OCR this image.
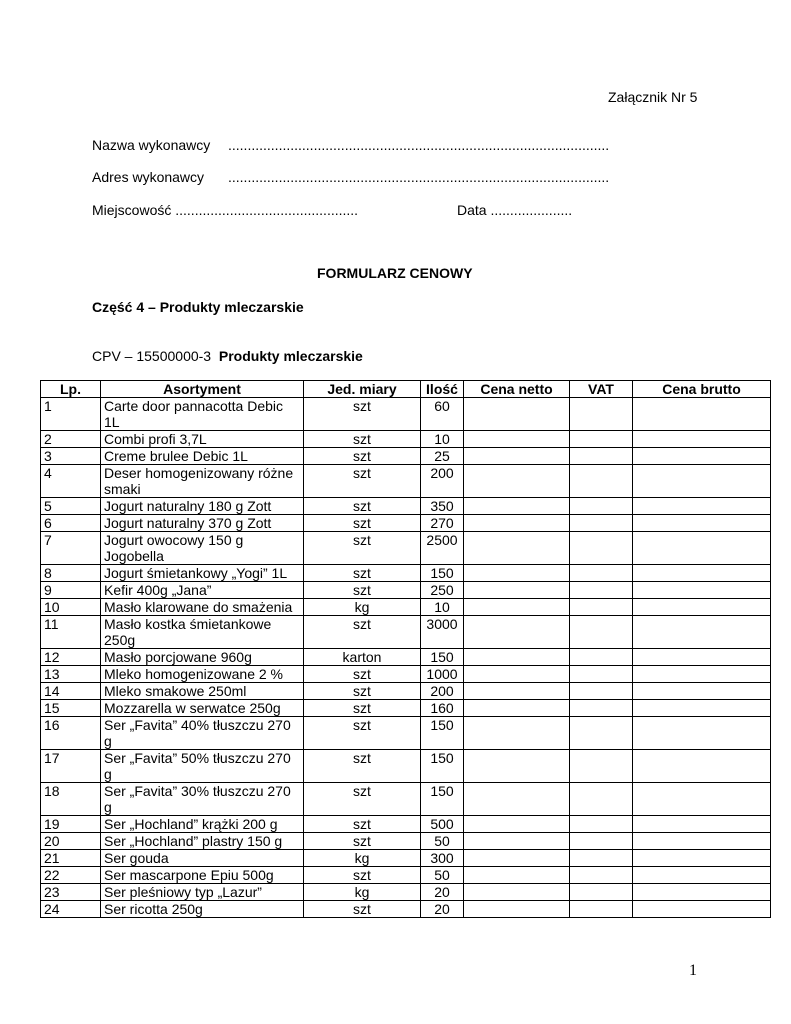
Załącznik Nr 5
Nazwa wykonawcy ..................................................................................................
Adres wykonawcy ..................................................................................................
Miejscowość ...............................................	Data .....................
FORMULARZ CENOWY
Część 4 – Produkty mleczarskie
CPV – 15500000-3 Produkty mleczarskie
Lp.	Asortyment	Jed. miary	Ilość	Cena netto	VAT	Cena brutto
1	Carte door pannacotta Debic 1L	szt	60			
2	Combi profi 3,7L	szt	10			
3	Creme brulee Debic 1L	szt	25			
4	Deser homogenizowany różne smaki	szt	200			
5	Jogurt naturalny 180 g Zott	szt	350			
6	Jogurt naturalny 370 g Zott	szt	270			
7	Jogurt owocowy 150 g Jogobella	szt	2500			
8	Jogurt śmietankowy „Yogi” 1L	szt	150			
9	Kefir 400g „Jana”	szt	250			
10	Masło klarowane do smażenia	kg	10			
11	Masło kostka śmietankowe 250g	szt	3000			
12	Masło porcjowane 960g	karton	150			
13	Mleko homogenizowane 2 %	szt	1000			
14	Mleko smakowe 250ml	szt	200			
15	Mozzarella w serwatce 250g	szt	160			
16	Ser „Favita” 40% tłuszczu 270 g	szt	150			
17	Ser „Favita” 50% tłuszczu 270 g	szt	150			
18	Ser „Favita” 30% tłuszczu 270 g	szt	150			
19	Ser „Hochland” krążki 200 g	szt	500			
20	Ser „Hochland” plastry 150 g	szt	50			
21	Ser gouda	kg	300			
22	Ser mascarpone Epiu 500g	szt	50			
23	Ser pleśniowy typ „Lazur”	kg	20			
24	Ser ricotta 250g	szt	20			
1
